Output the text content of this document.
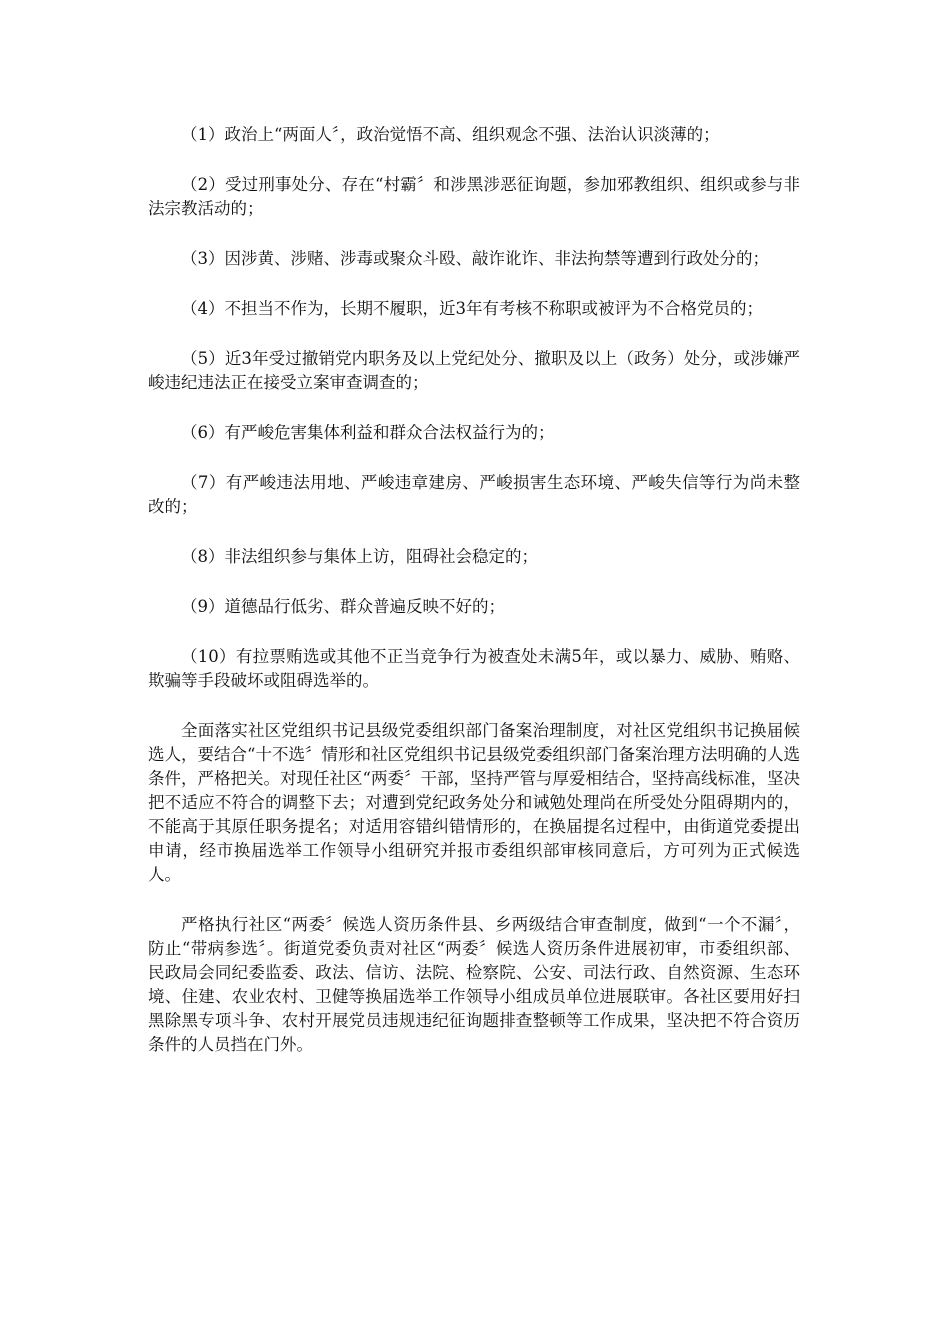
（1）政治上“两面人〞，政治觉悟不高、组织观念不强、法治认识淡薄的；

（2）受过刑事处分、存在“村霸〞和涉黑涉恶征询题，参加邪教组织、组织或参与非法宗教活动的；

（3）因涉黄、涉赌、涉毒或聚众斗殴、敲诈讹诈、非法拘禁等遭到行政处分的；

（4）不担当不作为，长期不履职，近3年有考核不称职或被评为不合格党员的；

（5）近3年受过撤销党内职务及以上党纪处分、撤职及以上（政务）处分，或涉嫌严峻违纪违法正在接受立案审查调查的；

（6）有严峻危害集体利益和群众合法权益行为的；

（7）有严峻违法用地、严峻违章建房、严峻损害生态环境、严峻失信等行为尚未整改的；

（8）非法组织参与集体上访，阻碍社会稳定的；

（9）道德品行低劣、群众普遍反映不好的；

（10）有拉票贿选或其他不正当竞争行为被查处未满5年，或以暴力、威胁、贿赂、欺骗等手段破坏或阻碍选举的。

全面落实社区党组织书记县级党委组织部门备案治理制度，对社区党组织书记换届候选人，要结合“十不选〞情形和社区党组织书记县级党委组织部门备案治理方法明确的人选条件，严格把关。对现任社区“两委〞干部，坚持严管与厚爱相结合，坚持高线标准，坚决把不适应不符合的调整下去；对遭到党纪政务处分和诫勉处理尚在所受处分阻碍期内的，不能高于其原任职务提名；对适用容错纠错情形的，在换届提名过程中，由街道党委提出申请，经市换届选举工作领导小组研究并报市委组织部审核同意后，方可列为正式候选人。

严格执行社区“两委〞候选人资历条件县、乡两级结合审查制度，做到“一个不漏〞，防止“带病参选〞。街道党委负责对社区“两委〞候选人资历条件进展初审，市委组织部、民政局会同纪委监委、政法、信访、法院、检察院、公安、司法行政、自然资源、生态环境、住建、农业农村、卫健等换届选举工作领导小组成员单位进展联审。各社区要用好扫黑除黑专项斗争、农村开展党员违规违纪征询题排查整顿等工作成果，坚决把不符合资历条件的人员挡在门外。
